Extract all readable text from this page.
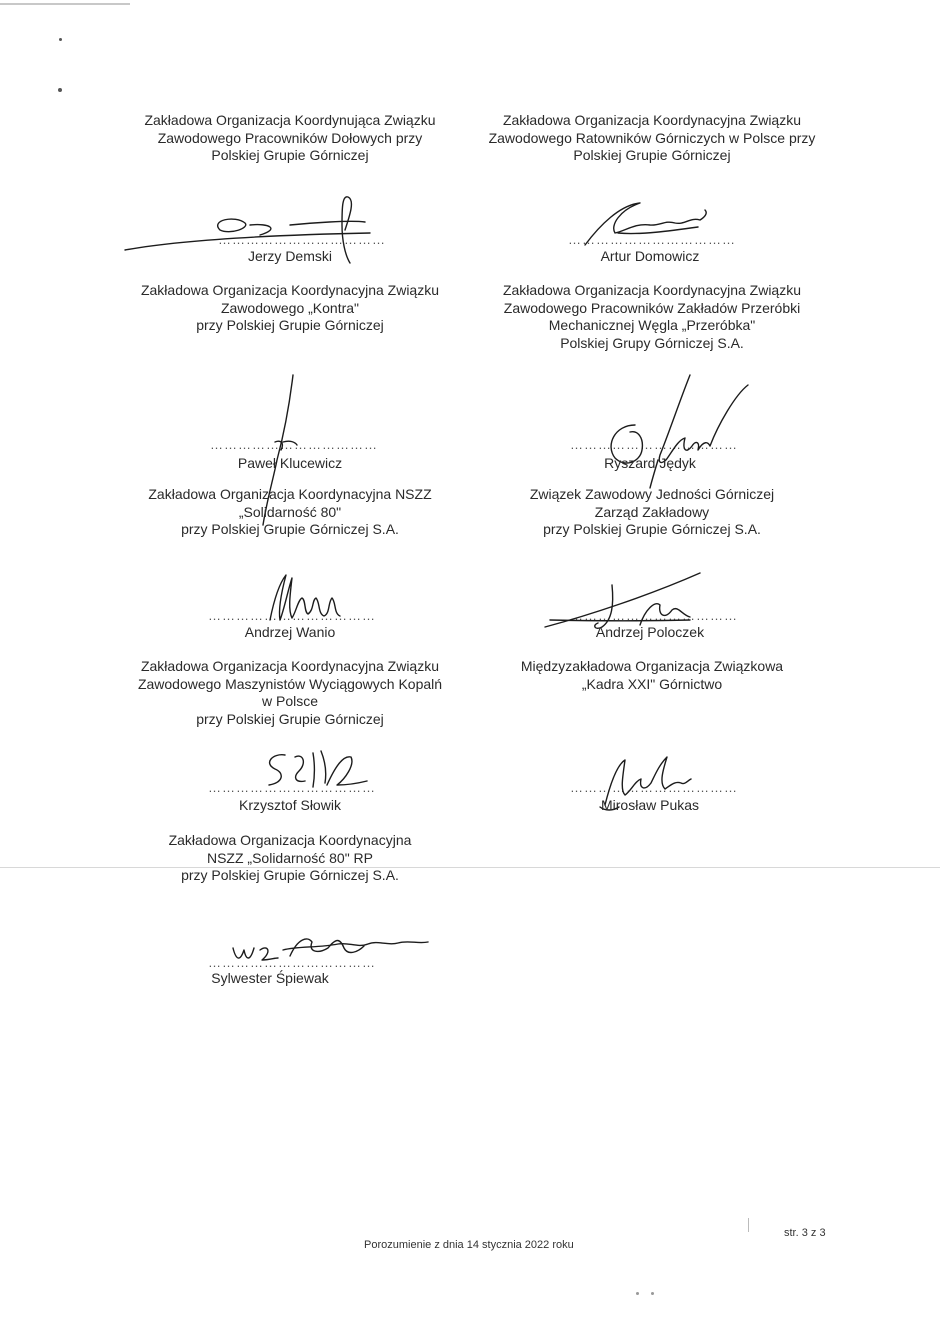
Zakładowa Organizacja Koordynująca Związku
Zawodowego Pracowników Dołowych przy
Polskiej Grupie Górniczej
………………………………
Jerzy Demski
Zakładowa Organizacja Koordynacyjna Związku
Zawodowego Ratowników Górniczych w Polsce przy
Polskiej Grupie Górniczej
………………………………
Artur Domowicz
Zakładowa Organizacja Koordynacyjna Związku
Zawodowego „Kontra"
przy Polskiej Grupie Górniczej
………………………………
Paweł Klucewicz
Zakładowa Organizacja Koordynacyjna Związku
Zawodowego Pracowników Zakładów Przeróbki
Mechanicznej Węgla „Przeróbka"
Polskiej Grupy Górniczej S.A.
………………………………
Ryszard Jędyk
Zakładowa Organizacja Koordynacyjna NSZZ
„Solidarność 80"
przy Polskiej Grupie Górniczej S.A.
………………………………
Andrzej Wanio
Związek Zawodowy Jedności Górniczej
Zarząd Zakładowy
przy Polskiej Grupie Górniczej S.A.
………………………………
Andrzej Poloczek
Zakładowa Organizacja Koordynacyjna Związku
Zawodowego Maszynistów Wyciągowych Kopalń
w Polsce
przy Polskiej Grupie Górniczej
………………………………
Krzysztof Słowik
Międzyzakładowa Organizacja Związkowa
„Kadra XXI" Górnictwo
………………………………
Mirosław Pukas
Zakładowa Organizacja Koordynacyjna
NSZZ „Solidarność 80" RP
przy Polskiej Grupie Górniczej S.A.
………………………………
Sylwester Śpiewak
Porozumienie z dnia 14 stycznia 2022 roku
str. 3 z 3
